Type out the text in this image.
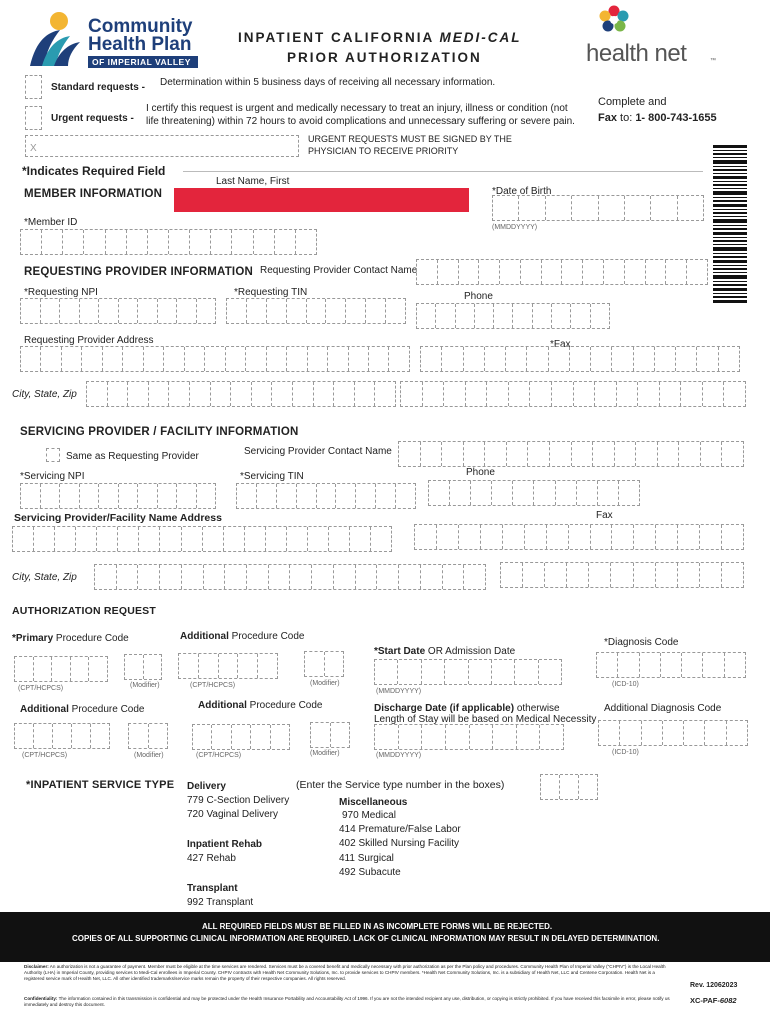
Community
Health Plan
OF IMPERIAL VALLEY
INPATIENT CALIFORNIA MEDI-CAL
PRIOR AUTHORIZATION	health net	™
Standard requests - Determination within 5 business days of receiving all necessary information.
Urgent requests -
I certify this request is urgent and medically necessary to treat an injury, illness or condition (not
life threatening) within 72 hours to avoid complications and unnecessary suffering or severe pain.
X
URGENT REQUESTS MUST BE SIGNED BY THE
PHYSICIAN TO RECEIVE PRIORITY
Complete and
Fax to: 1- 800-743-1655
*Indicates Required Field
MEMBER INFORMATION
Last Name, First
*Date of Birth
(MMDDYYYY)
*Member ID
REQUESTING PROVIDER INFORMATION Requesting Provider Contact Name
*Requesting NPI	*Requesting TIN	Phone
Requesting Provider Address	*Fax
City, State, Zip
SERVICING PROVIDER / FACILITY INFORMATION
Same as Requesting Provider	Servicing Provider Contact Name
*Servicing NPI	*Servicing TIN	Phone
Servicing Provider/Facility Name Address	Fax
City, State, Zip
AUTHORIZATION REQUEST
*Primary Procedure Code	Additional Procedure Code
*Start Date OR Admission Date
*Diagnosis Code
(CPT/HCPCS)	(Modifier)	(CPT/HCPCS)	(Modifier)
(MMDDYYYY)
(ICD-10)
Additional Procedure Code	Additional Procedure Code	Discharge Date (if applicable) otherwise
Length of Stay will be based on Medical Necessity
Additional Diagnosis Code
(CPT/HCPCS)	(Modifier)	(CPT/HCPCS)	(Modifier)	(MMDDYYYY)	(ICD-10)
*INPATIENT SERVICE TYPE	(Enter the Service type number in the boxes)
Delivery
779 C-Section Delivery
720 Vaginal Delivery
Inpatient Rehab
427 Rehab
Transplant
992 Transplant
Miscellaneous
970 Medical
414 Premature/False Labor
402 Skilled Nursing Facility
411 Surgical
492 Subacute
ALL REQUIRED FIELDS MUST BE FILLED IN AS INCOMPLETE FORMS WILL BE REJECTED.
COPIES OF ALL SUPPORTING CLINICAL INFORMATION ARE REQUIRED. LACK OF CLINICAL INFORMATION MAY RESULT IN DELAYED DETERMINATION.
Disclaimer: An authorization is not a guarantee of payment. Member must be eligible at the time services are rendered. Services must be a covered benefit and medically necessary with prior authorization as per the Plan policy and procedures. Community Health Plan of Imperial Valley ("CHPIV") is the Local Health Authority (LHA) in Imperial County, providing services to Medi-Cal enrollees in Imperial County. CHPIV contracts with Health Net Community Solutions, Inc. to provide services to CHPIV members. *Health Net Community Solutions, Inc. is a subsidiary of Health Net, LLC and Centene Corporation. Health Net is a registered service mark of Health Net, LLC. All other identified trademarks/service marks remain the property of their respective companies. All rights reserved.
Confidentiality: The information contained in this transmission is confidential and may be protected under the Health Insurance Portability and Accountability Act of 1996. If you are not the intended recipient any use, distribution, or copying is strictly prohibited. If you have received this facsimile in error, please notify us immediately and destroy this document.
Rev. 12062023
XC-PAF-6082
